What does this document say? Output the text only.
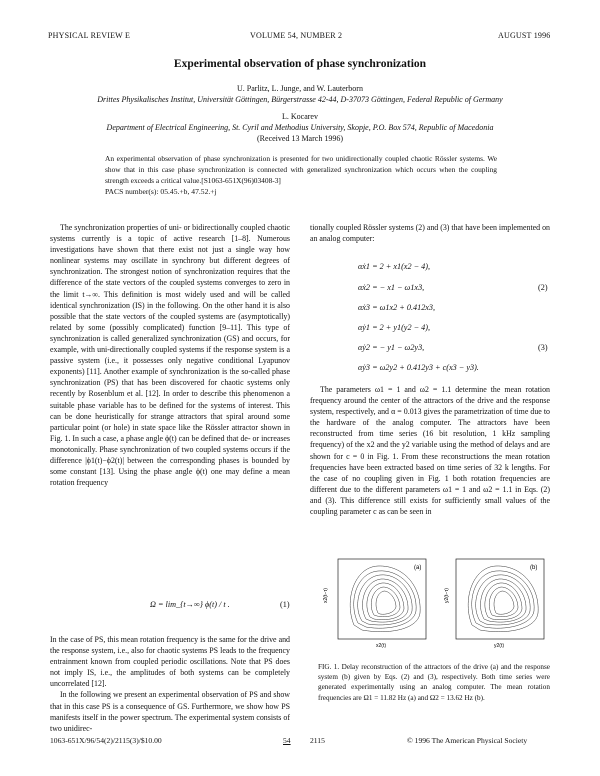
PHYSICAL REVIEW E	VOLUME 54, NUMBER 2	AUGUST 1996
Experimental observation of phase synchronization
U. Parlitz, L. Junge, and W. Lauterborn
Drittes Physikalisches Institut, Universität Göttingen, Bürgerstrasse 42-44, D-37073 Göttingen, Federal Republic of Germany
L. Kocarev
Department of Electrical Engineering, St. Cyril and Methodius University, Skopje, P.O. Box 574, Republic of Macedonia
(Received 13 March 1996)
An experimental observation of phase synchronization is presented for two unidirectionally coupled chaotic Rössler systems. We show that in this case phase synchronization is connected with generalized synchronization which occurs when the coupling strength exceeds a critical value.[S1063-651X(96)03408-3]
PACS number(s): 05.45.+b, 47.52.+j

The synchronization properties of uni- or bidirectionally coupled chaotic systems currently is a topic of active research [1–8]. Numerous investigations have shown that there exist not just a single way how nonlinear systems may oscillate in synchrony but different degrees of synchronization. The strongest notion of synchronization requires that the difference of the state vectors of the coupled systems converges to zero in the limit t→∞. This definition is most widely used and will be called identical synchronization (IS) in the following. On the other hand it is also possible that the state vectors of the coupled systems are (asymptotically) related by some (possibly complicated) function [9–11]. This type of synchronization is called generalized synchronization (GS) and occurs, for example, with uni-directionally coupled systems if the response system is a passive system (i.e., it possesses only negative conditional Lyapunov exponents) [11]. Another example of synchronization is the so-called phase synchronization (PS) that has been discovered for chaotic systems only recently by Rosenblum et al. [12]. In order to describe this phenomenon a suitable phase variable has to be defined for the systems of interest. This can be done heuristically for strange attractors that spiral around some particular point (or hole) in state space like the Rössler attractor shown in Fig. 1. In such a case, a phase angle ϕ(t) can be defined that de- or increases monotonically. Phase synchronization of two coupled systems occurs if the difference |ϕ1(t)−ϕ2(t)| between the corresponding phases is bounded by some constant [13]. Using the phase angle ϕ(t) one may define a mean rotation frequency

Ω = lim_{t→∞} ϕ(t) / t .	(1)

In the case of PS, this mean rotation frequency is the same for the drive and the response system, i.e., also for chaotic systems PS leads to the frequency entrainment known from coupled periodic oscillations. Note that PS does not imply IS, i.e., the amplitudes of both systems can be completely uncorrelated [12].

In the following we present an experimental observation of PS and show that in this case PS is a consequence of GS. Furthermore, we show how PS manifests itself in the power spectrum. The experimental system consists of two unidirec-

tionally coupled Rössler systems (2) and (3) that have been implemented on an analog computer:

αẋ1 = 2 + x1(x2 − 4),
αẋ2 = − x1 − ω1x3,
αẋ3 = ω1x2 + 0.412x3,
(2)
αẏ1 = 2 + y1(y2 − 4),
αẏ2 = − y1 − ω2y3,
αẏ3 = ω2y2 + 0.412y3 + c(x3 − y3).
(3)

The parameters ω1 = 1 and ω2 = 1.1 determine the mean rotation frequency around the center of the attractors of the drive and the response system, respectively, and α = 0.013 gives the parametrization of time due to the hardware of the analog computer. The attractors have been reconstructed from time series (16 bit resolution, 1 kHz sampling frequency) of the x2 and the y2 variable using the method of delays and are shown for c = 0 in Fig. 1. From these reconstructions the mean rotation frequencies have been extracted based on time series of 32 k lengths. For the case of no coupling given in Fig. 1 both rotation frequencies are different due to the different parameters ω1 = 1 and ω2 = 1.1 in Eqs. (2) and (3). This difference still exists for sufficiently small values of the coupling parameter c as can be seen in

x2(t−τ)
x2(t)
(a)
y2(t−τ)
y2(t)
(b)
FIG. 1. Delay reconstruction of the attractors of the drive (a) and the response system (b) given by Eqs. (2) and (3), respectively. Both time series were generated experimentally using an analog computer. The mean rotation frequencies are Ω1 = 11.82 Hz (a) and Ω2 = 13.62 Hz (b).
1063-651X/96/54(2)/2115(3)/$10.00	54	2115	© 1996 The American Physical Society
